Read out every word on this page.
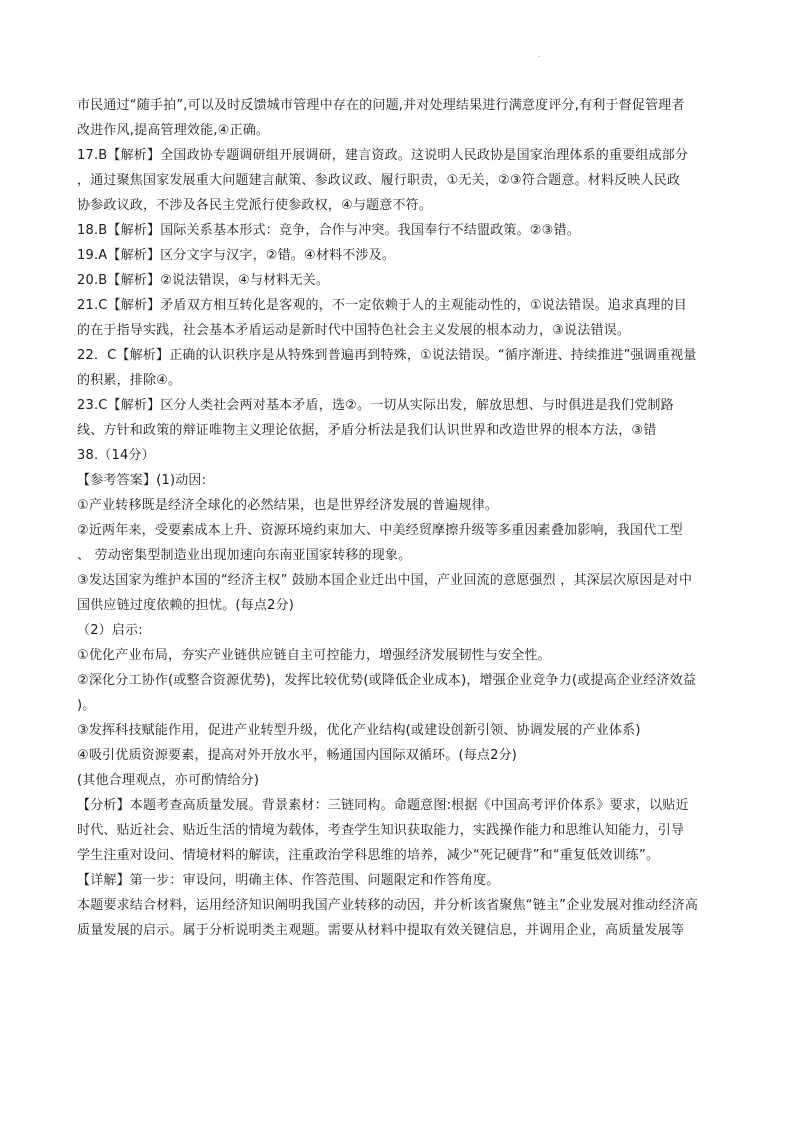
.
市民通过“随手拍”,可以及时反馈城市管理中存在的问题,并对处理结果进行满意度评分,有利于督促管理者
改进作风,提高管理效能,④正确。
17.B【解析】全国政协专题调研组开展调研，建言资政。这说明人民政协是国家治理体系的重要组成部分
，通过聚焦国家发展重大问题建言献策、参政议政、履行职责，①无关，②③符合题意。材料反映人民政
协参政议政，不涉及各民主党派行使参政权，④与题意不符。
18.B【解析】国际关系基本形式：竞争，合作与冲突。我国奉行不结盟政策。②③错。
19.A【解析】区分文字与汉字，②错。④材料不涉及。
20.B【解析】②说法错误，④与材料无关。
21.C【解析】矛盾双方相互转化是客观的，不一定依赖于人的主观能动性的，①说法错误。追求真理的目
的在于指导实践，社会基本矛盾运动是新时代中国特色社会主义发展的根本动力，③说法错误。
22．C【解析】正确的认识秩序是从特殊到普遍再到特殊，①说法错误。“循序渐进、持续推进”强调重视量
的积累，排除④。
23.C【解析】区分人类社会两对基本矛盾，选②。一切从实际出发，解放思想、与时俱进是我们党制路
线、方针和政策的辩证唯物主义理论依据，矛盾分析法是我们认识世界和改造世界的根本方法，③错
38.（14分）
【参考答案】(1)动因:
①产业转移既是经济全球化的必然结果，也是世界经济发展的普遍规律。
②近两年来，受要素成本上升、资源环境约束加大、中美经贸摩擦升级等多重因素叠加影响，我国代工型
、 劳动密集型制造业出现加速向东南亚国家转移的现象。
③发达国家为维护本国的“经济主权” 鼓励本国企业迁出中国，产业回流的意愿强烈 ，其深层次原因是对中
国供应链过度依赖的担忧。(每点2分)
（2）启示:
①优化产业布局，夯实产业链供应链自主可控能力，增强经济发展韧性与安全性。
②深化分工协作(或整合资源优势)，发挥比较优势(或降低企业成本)，增强企业竞争力(或提高企业经济效益
)。
③发挥科技赋能作用，促进产业转型升级，优化产业结构(或建设创新引领、协调发展的产业体系)
④吸引优质资源要素，提高对外开放水平，畅通国内国际双循环。(每点2分)
(其他合理观点，亦可酌情给分)
【分析】本题考查高质量发展。背景素材：三链同构。命题意图:根据《中国高考评价体系》要求，以贴近
时代、贴近社会、贴近生活的情境为载体，考查学生知识获取能力，实践操作能力和思维认知能力，引导
学生注重对设问、情境材料的解读，注重政治学科思维的培养，减少“死记硬背”和“重复低效训练”。
【详解】第一步：审设问，明确主体、作答范围、问题限定和作答角度。
本题要求结合材料，运用经济知识阐明我国产业转移的动因，并分析该省聚焦“链主”企业发展对推动经济高
质量发展的启示。属于分析说明类主观题。需要从材料中提取有效关键信息，并调用企业，高质量发展等
